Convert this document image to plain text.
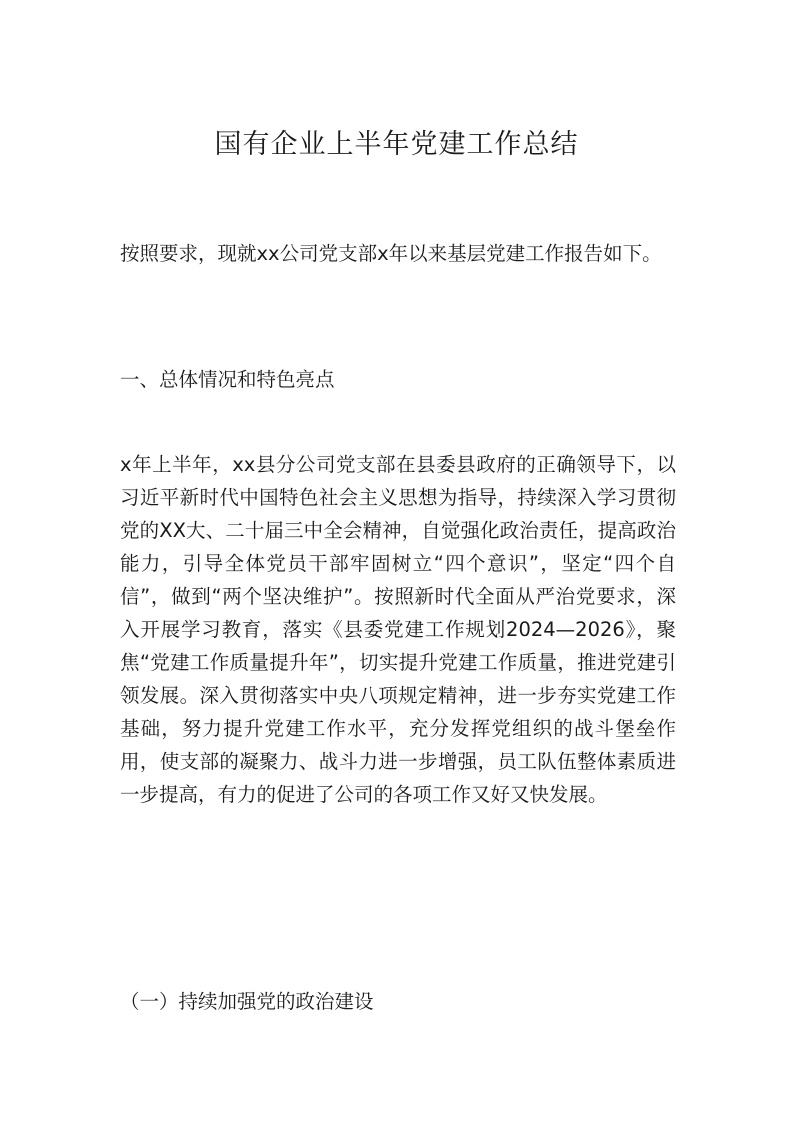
国有企业上半年党建工作总结

按照要求，现就xx公司党支部x年以来基层党建工作报告如下。

一、总体情况和特色亮点

x年上半年，xx县分公司党支部在县委县政府的正确领导下，以习近平新时代中国特色社会主义思想为指导，持续深入学习贯彻党的XX大、二十届三中全会精神，自觉强化政治责任，提高政治能力，引导全体党员干部牢固树立“四个意识”，坚定“四个自信”，做到“两个坚决维护”。按照新时代全面从严治党要求，深入开展学习教育，落实《县委党建工作规划2024—2026》，聚焦“党建工作质量提升年”，切实提升党建工作质量，推进党建引领发展。深入贯彻落实中央八项规定精神，进一步夯实党建工作基础，努力提升党建工作水平，充分发挥党组织的战斗堡垒作用，使支部的凝聚力、战斗力进一步增强，员工队伍整体素质进一步提高，有力的促进了公司的各项工作又好又快发展。

（一）持续加强党的政治建设
